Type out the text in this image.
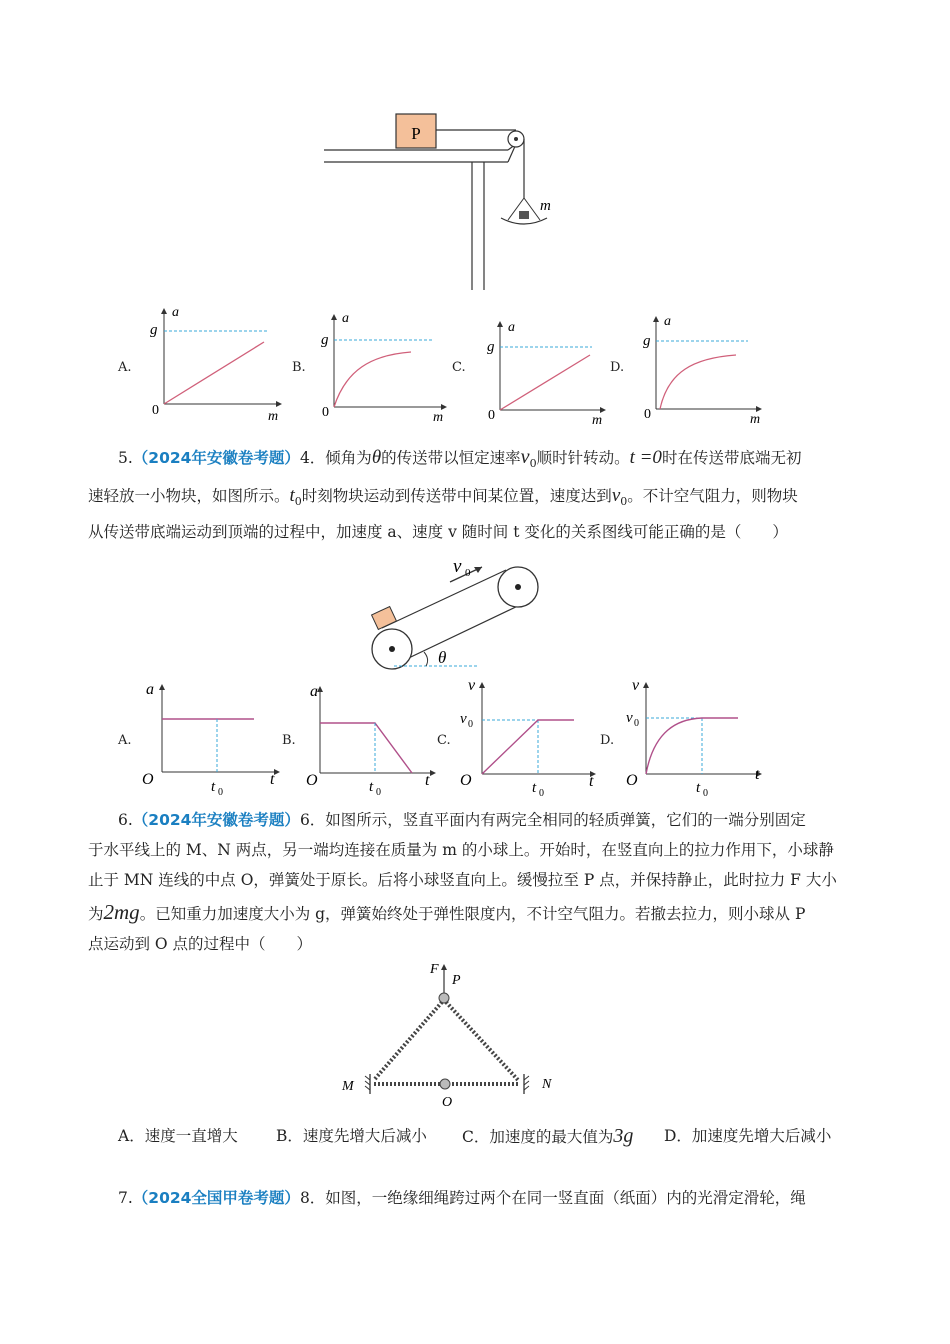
P
m
A.
g
a
0	m
B.
g
a
0	m
C.
g
a
0	m
D.
g
a
0	m
5.（2024年安徽卷考题）4．倾角为θ的传送带以恒定速率$v_0$顺时针转动。t =0时在传送带底端无初
速轻放一小物块，如图所示。$t_0$时刻物块运动到传送带中间某位置，速度达到$v_0$。不计空气阻力，则物块
从传送带底端运动到顶端的过程中，加速度 a、速度 v 随时间 t 变化的关系图线可能正确的是（　　）
v 0
θ
A.
a
O	t
t 0
B.
a
O	t
t 0
C.
v
v 0
O	t
t 0
D.
v
v 0
O	t
t 0
6.（2024年安徽卷考题）6．如图所示，竖直平面内有两完全相同的轻质弹簧，它们的一端分别固定
于水平线上的 M、N 两点，另一端均连接在质量为 m 的小球上。开始时，在竖直向上的拉力作用下，小球静
止于 MN 连线的中点 O，弹簧处于原长。后将小球竖直向上。缓慢拉至 P 点，并保持静止，此时拉力 F 大小
为2mg。已知重力加速度大小为 g，弹簧始终处于弹性限度内，不计空气阻力。若撤去拉力，则小球从 P
点运动到 O 点的过程中（　　）
F
P
M	N
O
A．速度一直增大 B．速度先增大后减小 C．加速度的最大值为3g D．加速度先增大后减小
7.（2024全国甲卷考题）8．如图，一绝缘细绳跨过两个在同一竖直面（纸面）内的光滑定滑轮，绳
